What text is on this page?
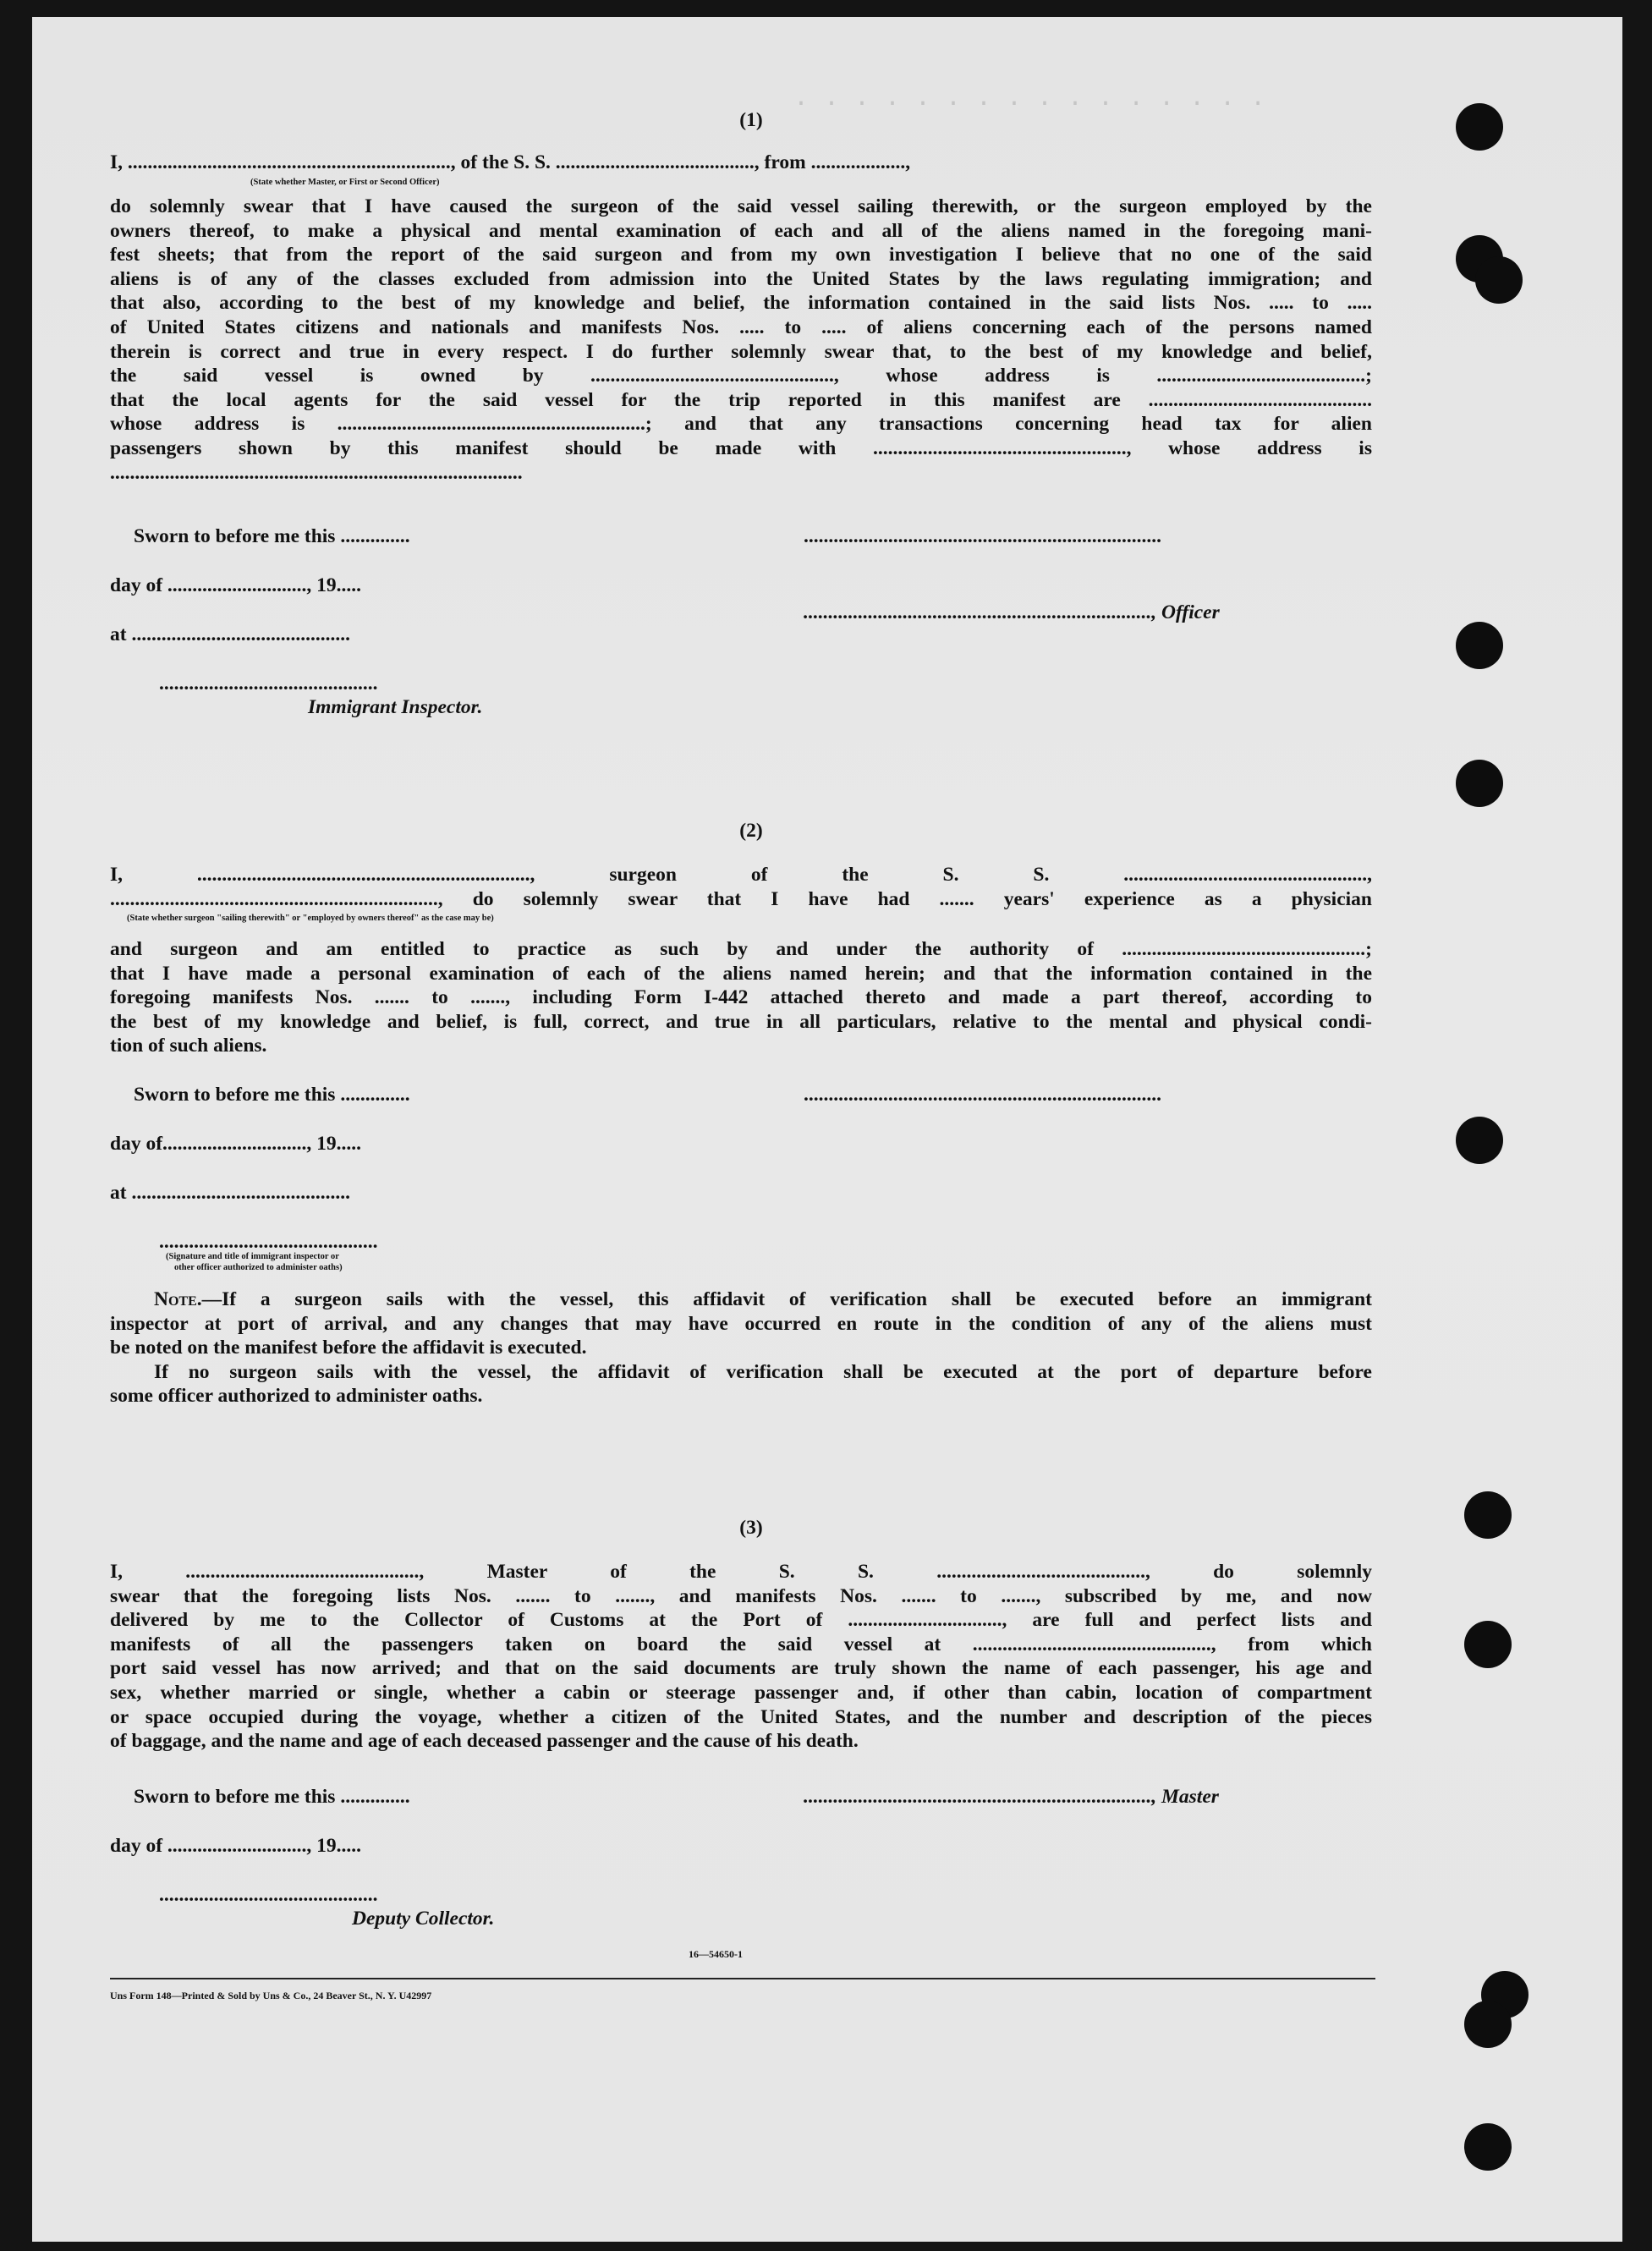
. . . . . . . . . . . . . . . .
(1)
I, ................................................................., of the S. S. ........................................, from ...................,
(State whether Master, or First or Second Officer)
do solemnly swear that I have caused the surgeon of the said vessel sailing therewith, or the surgeon employed by the
owners thereof, to make a physical and mental examination of each and all of the aliens named in the foregoing mani-
fest sheets; that from the report of the said surgeon and from my own investigation I believe that no one of the said
aliens is of any of the classes excluded from admission into the United States by the laws regulating immigration; and
that also, according to the best of my knowledge and belief, the information contained in the said lists Nos. ..... to .....
of United States citizens and nationals and manifests Nos. ..... to ..... of aliens concerning each of the persons named
therein is correct and true in every respect. I do further solemnly swear that, to the best of my knowledge and belief,
the said vessel is owned by ................................................., whose address is ..........................................;
that the local agents for the said vessel for the trip reported in this manifest are .............................................
whose address is ..............................................................; and that any transactions concerning head tax for alien
passengers shown by this manifest should be made with ..................................................., whose address is
...................................................................................
Sworn to before me this ..............	........................................................................
day of ............................, 19.....
......................................................................, Officer
at ............................................
............................................
Immigrant Inspector.
(2)
I, ..................................................................., surgeon of the S. S. .................................................,
.................................................................., do solemnly swear that I have had ....... years' experience as a physician
(State whether surgeon "sailing therewith" or "employed by owners thereof" as the case may be)
and surgeon and am entitled to practice as such by and under the authority of .................................................;
that I have made a personal examination of each of the aliens named herein; and that the information contained in the
foregoing manifests Nos. ....... to ......., including Form I-442 attached thereto and made a part thereof, according to
the best of my knowledge and belief, is full, correct, and true in all particulars, relative to the mental and physical condi-
tion of such aliens.
Sworn to before me this ..............	........................................................................
day of............................., 19.....
at ............................................
............................................
(Signature and title of immigrant inspector or
other officer authorized to administer oaths)
Note.—If a surgeon sails with the vessel, this affidavit of verification shall be executed before an immigrant
inspector at port of arrival, and any changes that may have occurred en route in the condition of any of the aliens must
be noted on the manifest before the affidavit is executed.
If no surgeon sails with the vessel, the affidavit of verification shall be executed at the port of departure before
some officer authorized to administer oaths.
(3)
I, ..............................................., Master of the S. S. .........................................., do solemnly
swear that the foregoing lists Nos. ....... to ......., and manifests Nos. ....... to ......., subscribed by me, and now
delivered by me to the Collector of Customs at the Port of ..............................., are full and perfect lists and
manifests of all the passengers taken on board the said vessel at ................................................, from which
port said vessel has now arrived; and that on the said documents are truly shown the name of each passenger, his age and
sex, whether married or single, whether a cabin or steerage passenger and, if other than cabin, location of compartment
or space occupied during the voyage, whether a citizen of the United States, and the number and description of the pieces
of baggage, and the name and age of each deceased passenger and the cause of his death.
Sworn to before me this ..............	......................................................................, Master
day of ............................, 19.....
............................................
Deputy Collector.
16—54650-1
Uns Form 148—Printed & Sold by Uns & Co., 24 Beaver St., N. Y. U42997
